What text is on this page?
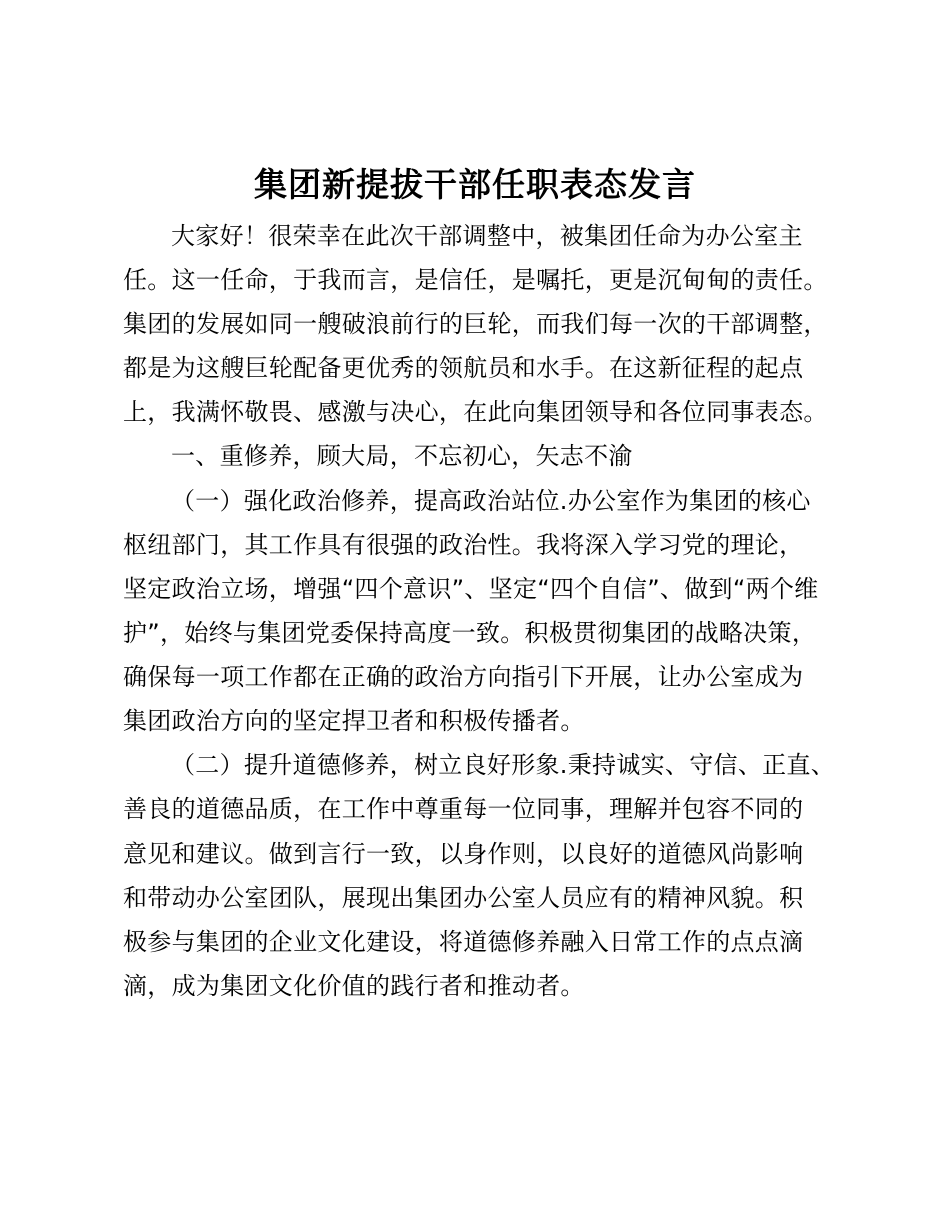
集团新提拔干部任职表态发言
大家好！很荣幸在此次干部调整中，被集团任命为办公室主
任。这一任命，于我而言，是信任，是嘱托，更是沉甸甸的责任。
集团的发展如同一艘破浪前行的巨轮，而我们每一次的干部调整，
都是为这艘巨轮配备更优秀的领航员和水手。在这新征程的起点
上，我满怀敬畏、感激与决心，在此向集团领导和各位同事表态。
一、重修养，顾大局，不忘初心，矢志不渝
（一）强化政治修养，提高政治站位.办公室作为集团的核心
枢纽部门，其工作具有很强的政治性。我将深入学习党的理论，
坚定政治立场，增强“四个意识”、坚定“四个自信”、做到“两个维
护”，始终与集团党委保持高度一致。积极贯彻集团的战略决策，
确保每一项工作都在正确的政治方向指引下开展，让办公室成为
集团政治方向的坚定捍卫者和积极传播者。
（二）提升道德修养，树立良好形象.秉持诚实、守信、正直、
善良的道德品质，在工作中尊重每一位同事，理解并包容不同的
意见和建议。做到言行一致，以身作则，以良好的道德风尚影响
和带动办公室团队，展现出集团办公室人员应有的精神风貌。积
极参与集团的企业文化建设，将道德修养融入日常工作的点点滴
滴，成为集团文化价值的践行者和推动者。
